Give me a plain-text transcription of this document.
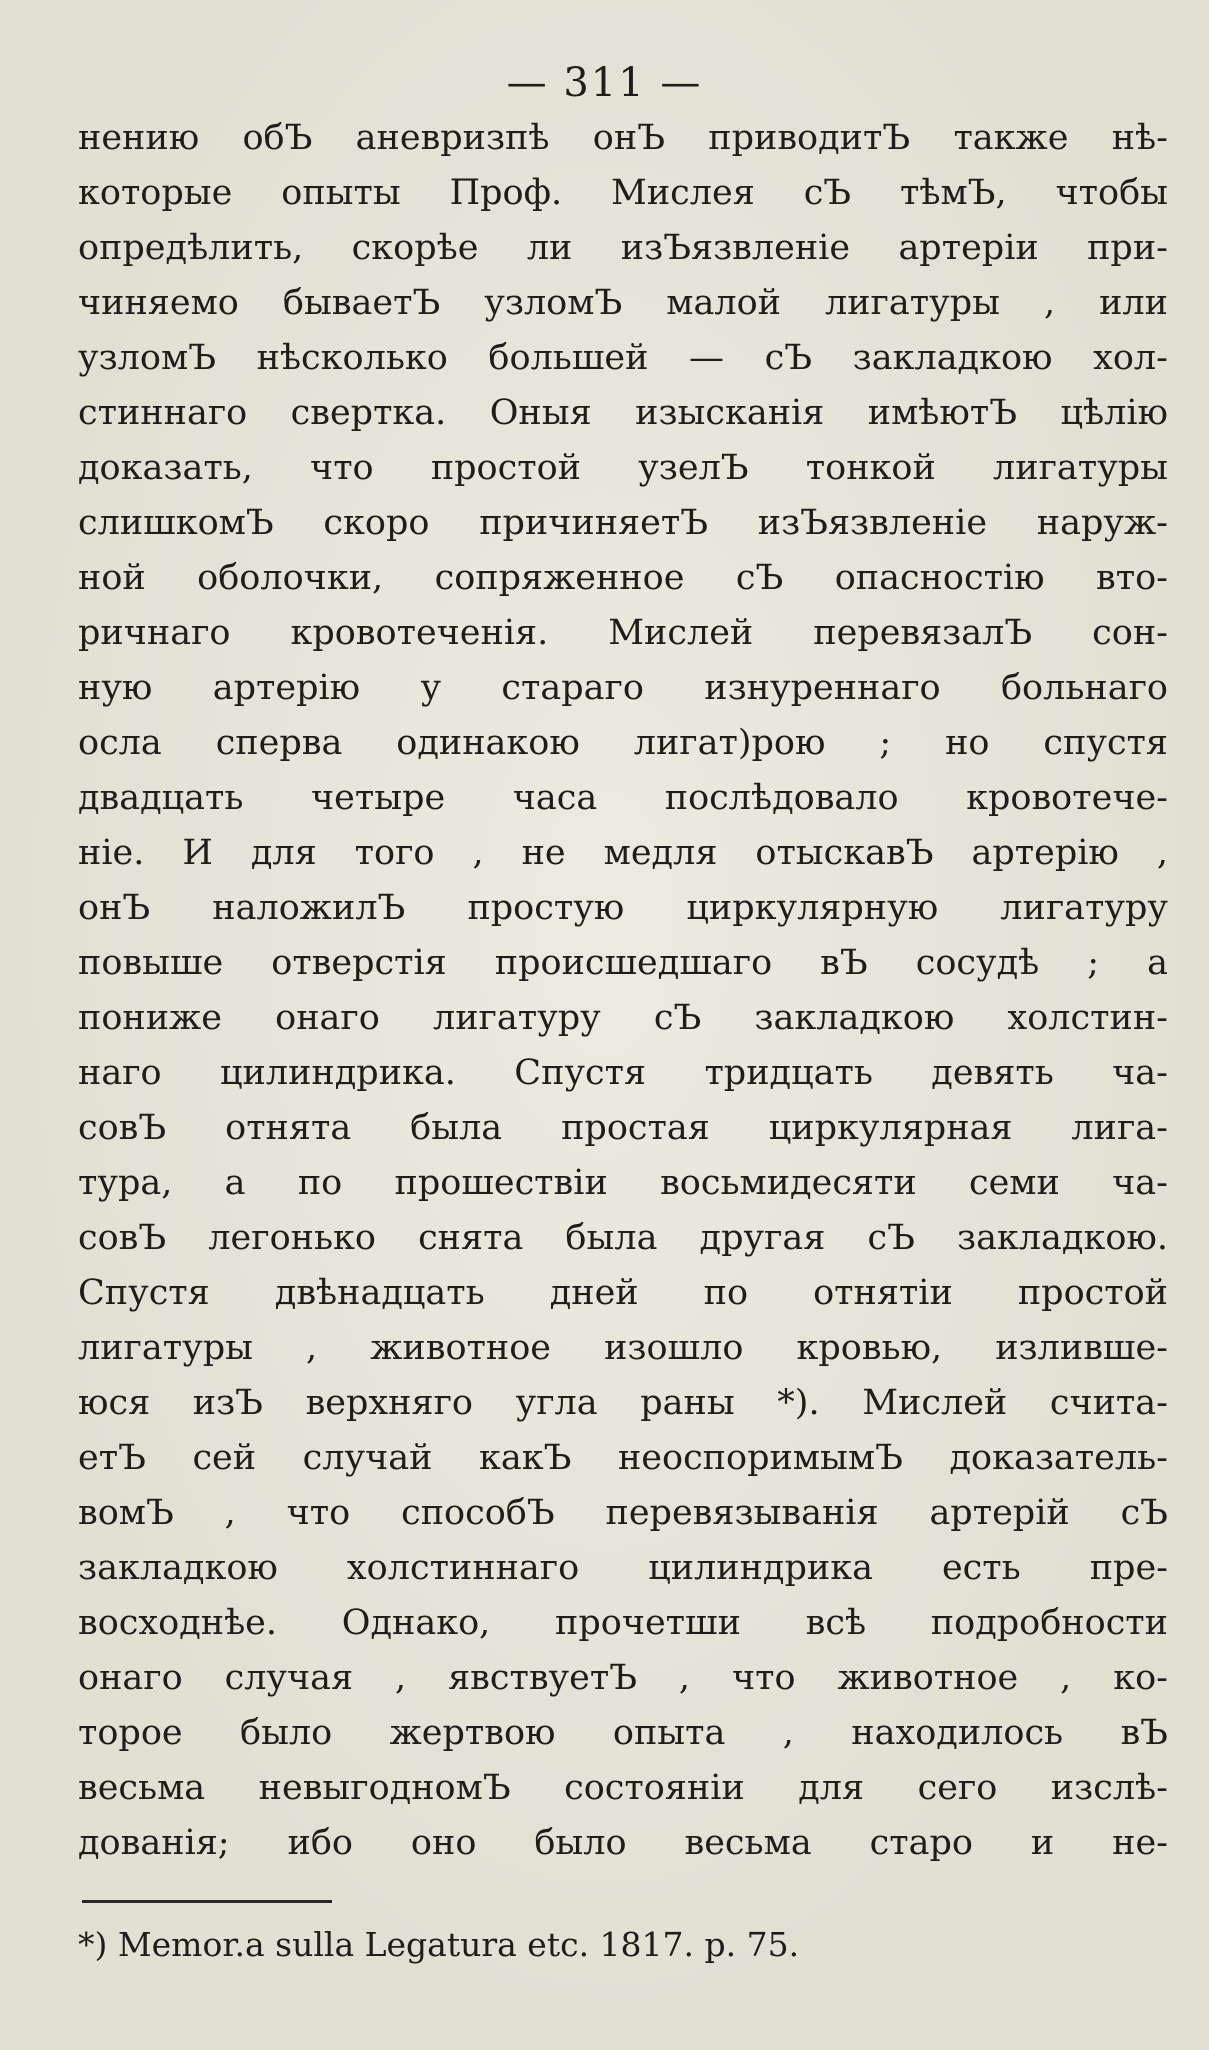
— 311 —
нению обЪ аневризпѣ онЪ приводитЪ также нѣ-
которые опыты Проф. Мислея сЪ тѣмЪ, чтобы
опредѣлить, скорѣе ли изЪязвленіе артеріи при-
чиняемо бываетЪ узломЪ малой лигатуры , или
узломЪ нѣсколько большей — сЪ закладкою хол-
стиннаго свертка. Оныя изысканія имѣютЪ цѣлію
доказать, что простой узелЪ тонкой лигатуры
слишкомЪ скоро причиняетЪ изЪязвленіе наруж-
ной оболочки, сопряженное сЪ опасностію вто-
ричнаго кровотеченія. Мислей перевязалЪ сон-
ную артерію у стараго изнуреннаго больнаго
осла сперва одинакою лигат)рою ; но спустя
двадцать четыре часа послѣдовало кровотече-
ніе. И для того , не медля отыскавЪ артерію ,
онЪ наложилЪ простую циркулярную лигатуру
повыше отверстія происшедшаго вЪ сосудѣ ; а
пониже онаго лигатуру сЪ закладкою холстин-
наго цилиндрика. Спустя тридцать девять ча-
совЪ отнята была простая циркулярная лига-
тура, а по прошествіи восьмидесяти семи ча-
совЪ легонько снята была другая сЪ закладкою.
Спустя двѣнадцать дней по отнятіи простой
лигатуры , животное изошло кровью, изливше-
юся изЪ верхняго угла раны *). Мислей счита-
етЪ сей случай какЪ неоспоримымЪ доказатель-
вомЪ , что способЪ перевязыванія артерій сЪ
закладкою холстиннаго цилиндрика есть пре-
восходнѣе. Однако, прочетши всѣ подробности
онаго случая , явствуетЪ , что животное , ко-
торое было жертвою опыта , находилось вЪ
весьма невыгодномЪ состояніи для сего изслѣ-
дованія; ибо оно было весьма старо и не-
*) Memor.a sulla Legatura etc. 1817. p. 75.
